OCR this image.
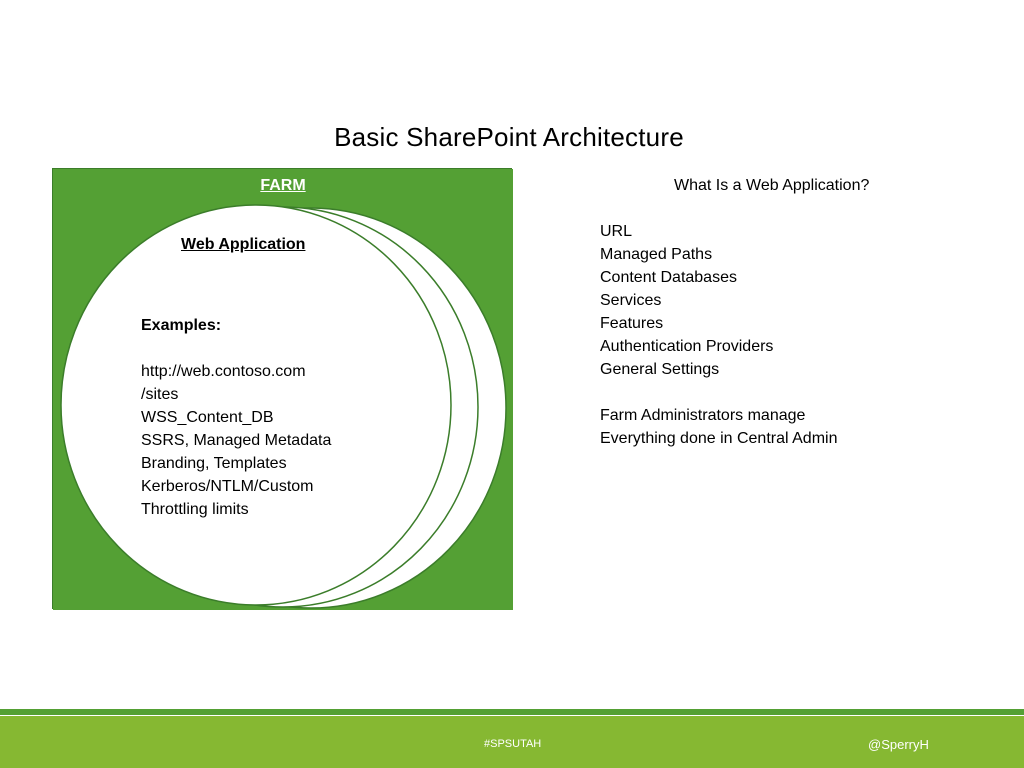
Basic SharePoint Architecture
FARM
Web Application
Examples:
http://web.contoso.com
/sites
WSS_Content_DB
SSRS, Managed Metadata
Branding, Templates
Kerberos/NTLM/Custom
Throttling limits
What Is a Web Application?
URL
Managed Paths
Content Databases
Services
Features
Authentication Providers
General Settings
Farm Administrators manage
Everything done in Central Admin
#SPSUTAH	@SperryH
